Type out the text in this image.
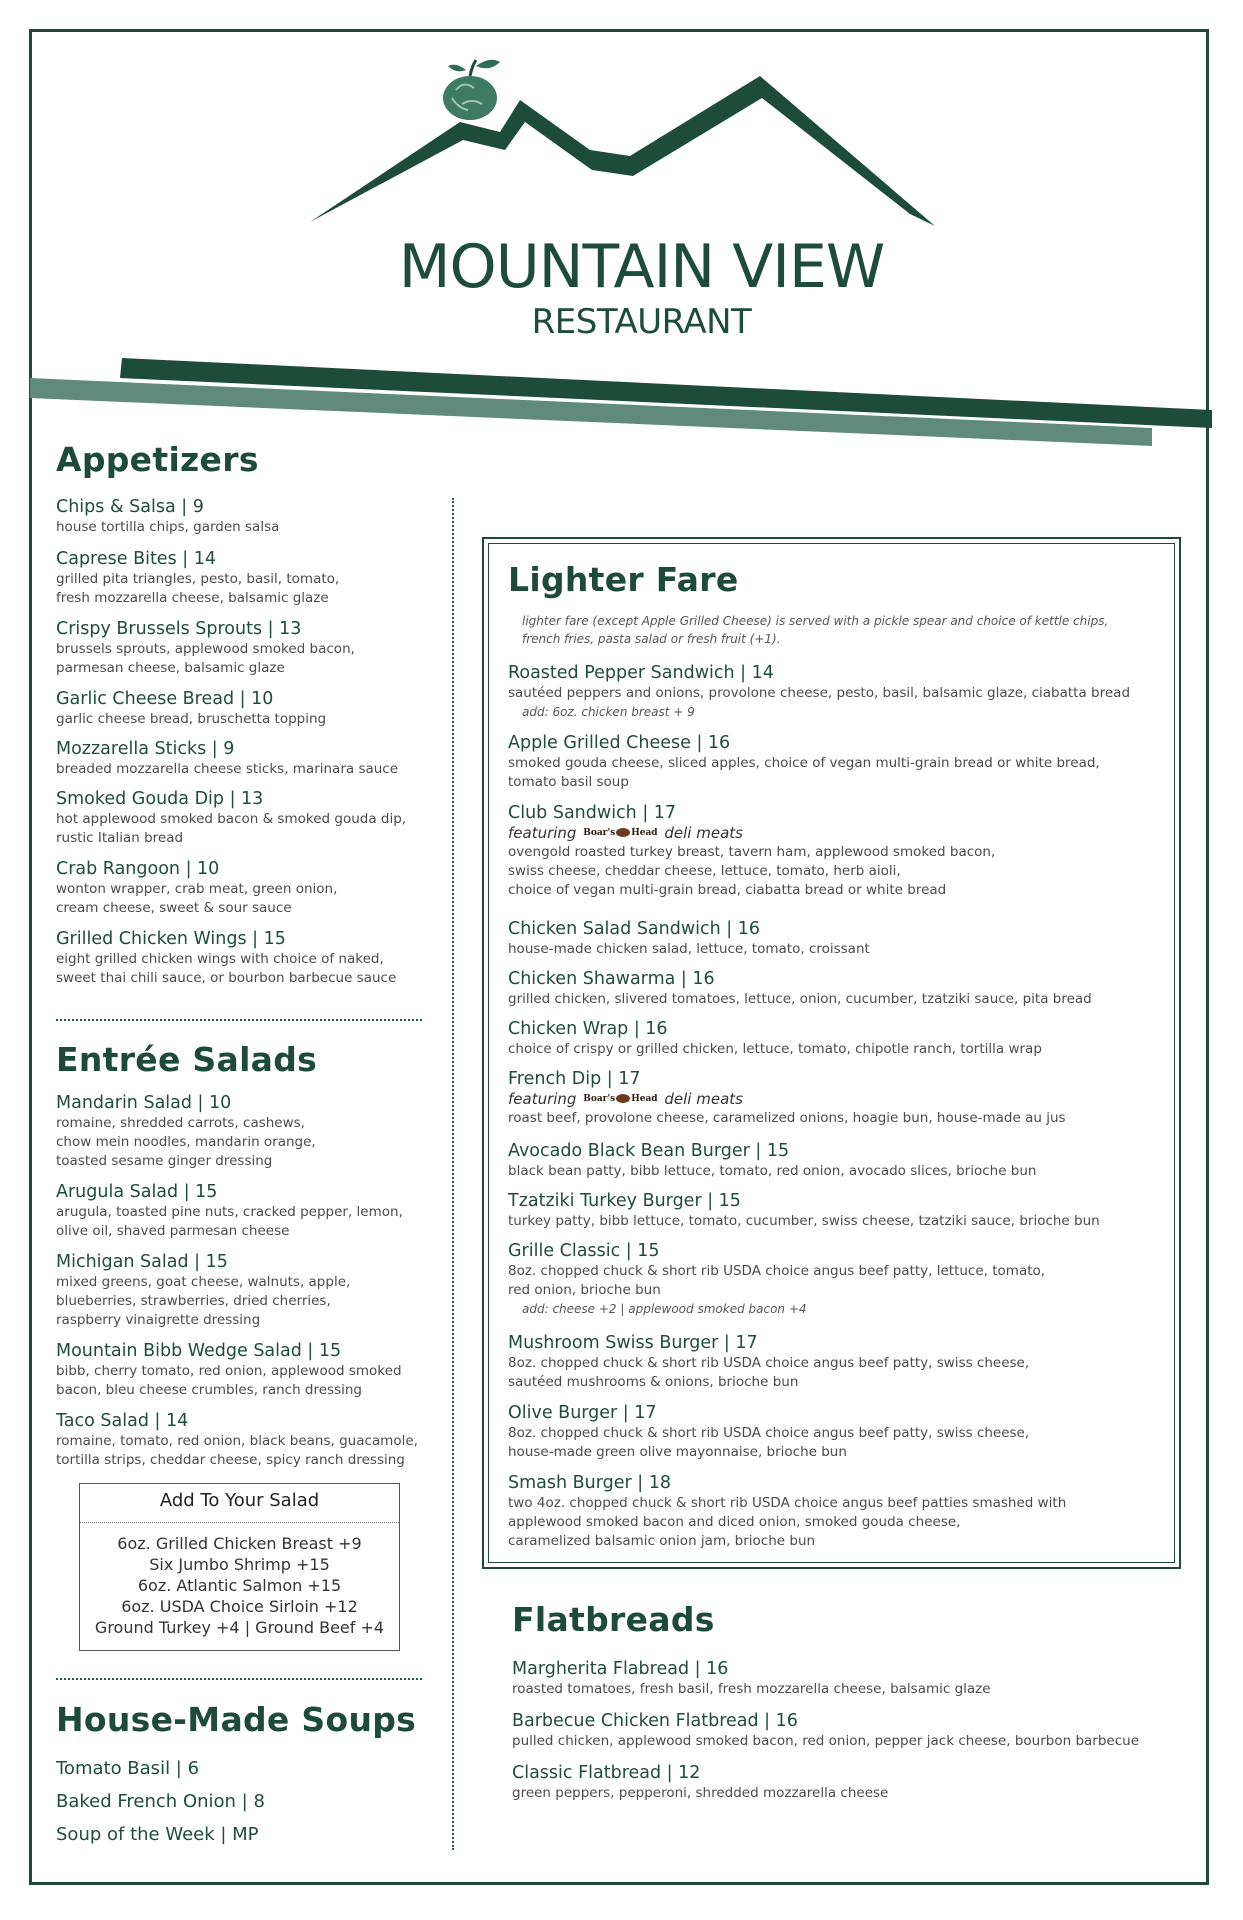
MOUNTAIN VIEW
RESTAURANT
Appetizers
Chips & Salsa | 9
house tortilla chips, garden salsa
Caprese Bites | 14
grilled pita triangles, pesto, basil, tomato,
fresh mozzarella cheese, balsamic glaze
Crispy Brussels Sprouts | 13
brussels sprouts, applewood smoked bacon,
parmesan cheese, balsamic glaze
Garlic Cheese Bread | 10
garlic cheese bread, bruschetta topping
Mozzarella Sticks | 9
breaded mozzarella cheese sticks, marinara sauce
Smoked Gouda Dip | 13
hot applewood smoked bacon & smoked gouda dip,
rustic Italian bread
Crab Rangoon | 10
wonton wrapper, crab meat, green onion,
cream cheese, sweet & sour sauce
Grilled Chicken Wings | 15
eight grilled chicken wings with choice of naked,
sweet thai chili sauce, or bourbon barbecue sauce
Entrée Salads
Mandarin Salad | 10
romaine, shredded carrots, cashews,
chow mein noodles, mandarin orange,
toasted sesame ginger dressing
Arugula Salad | 15
arugula, toasted pine nuts, cracked pepper, lemon,
olive oil, shaved parmesan cheese
Michigan Salad | 15
mixed greens, goat cheese, walnuts, apple,
blueberries, strawberries, dried cherries,
raspberry vinaigrette dressing
Mountain Bibb Wedge Salad | 15
bibb, cherry tomato, red onion, applewood smoked
bacon, bleu cheese crumbles, ranch dressing
Taco Salad | 14
romaine, tomato, red onion, black beans, guacamole,
tortilla strips, cheddar cheese, spicy ranch dressing
Add To Your Salad
6oz. Grilled Chicken Breast +9
Six Jumbo Shrimp +15
6oz. Atlantic Salmon +15
6oz. USDA Choice Sirloin +12
Ground Turkey +4 | Ground Beef +4
House-Made Soups
Tomato Basil | 6
Baked French Onion | 8
Soup of the Week | MP
Lighter Fare
lighter fare (except Apple Grilled Cheese) is served with a pickle spear and choice of kettle chips, french fries, pasta salad or fresh fruit (+1).
Roasted Pepper Sandwich | 14
sautéed peppers and onions, provolone cheese, pesto, basil, balsamic glaze, ciabatta bread
add: 6oz. chicken breast + 9
Apple Grilled Cheese | 16
smoked gouda cheese, sliced apples, choice of vegan multi-grain bread or white bread,
tomato basil soup
Club Sandwich | 17
featuring Boar's Head deli meats
ovengold roasted turkey breast, tavern ham, applewood smoked bacon,
swiss cheese, cheddar cheese, lettuce, tomato, herb aioli,
choice of vegan multi-grain bread, ciabatta bread or white bread
Chicken Salad Sandwich | 16
house-made chicken salad, lettuce, tomato, croissant
Chicken Shawarma | 16
grilled chicken, slivered tomatoes, lettuce, onion, cucumber, tzatziki sauce, pita bread
Chicken Wrap | 16
choice of crispy or grilled chicken, lettuce, tomato, chipotle ranch, tortilla wrap
French Dip | 17
featuring Boar's Head deli meats
roast beef, provolone cheese, caramelized onions, hoagie bun, house-made au jus
Avocado Black Bean Burger | 15
black bean patty, bibb lettuce, tomato, red onion, avocado slices, brioche bun
Tzatziki Turkey Burger | 15
turkey patty, bibb lettuce, tomato, cucumber, swiss cheese, tzatziki sauce, brioche bun
Grille Classic | 15
8oz. chopped chuck & short rib USDA choice angus beef patty, lettuce, tomato,
red onion, brioche bun
add: cheese +2 | applewood smoked bacon +4
Mushroom Swiss Burger | 17
8oz. chopped chuck & short rib USDA choice angus beef patty, swiss cheese,
sautéed mushrooms & onions, brioche bun
Olive Burger | 17
8oz. chopped chuck & short rib USDA choice angus beef patty, swiss cheese,
house-made green olive mayonnaise, brioche bun
Smash Burger | 18
two 4oz. chopped chuck & short rib USDA choice angus beef patties smashed with
applewood smoked bacon and diced onion, smoked gouda cheese,
caramelized balsamic onion jam, brioche bun
Flatbreads
Margherita Flabread | 16
roasted tomatoes, fresh basil, fresh mozzarella cheese, balsamic glaze
Barbecue Chicken Flatbread | 16
pulled chicken, applewood smoked bacon, red onion, pepper jack cheese, bourbon barbecue
Classic Flatbread | 12
green peppers, pepperoni, shredded mozzarella cheese
